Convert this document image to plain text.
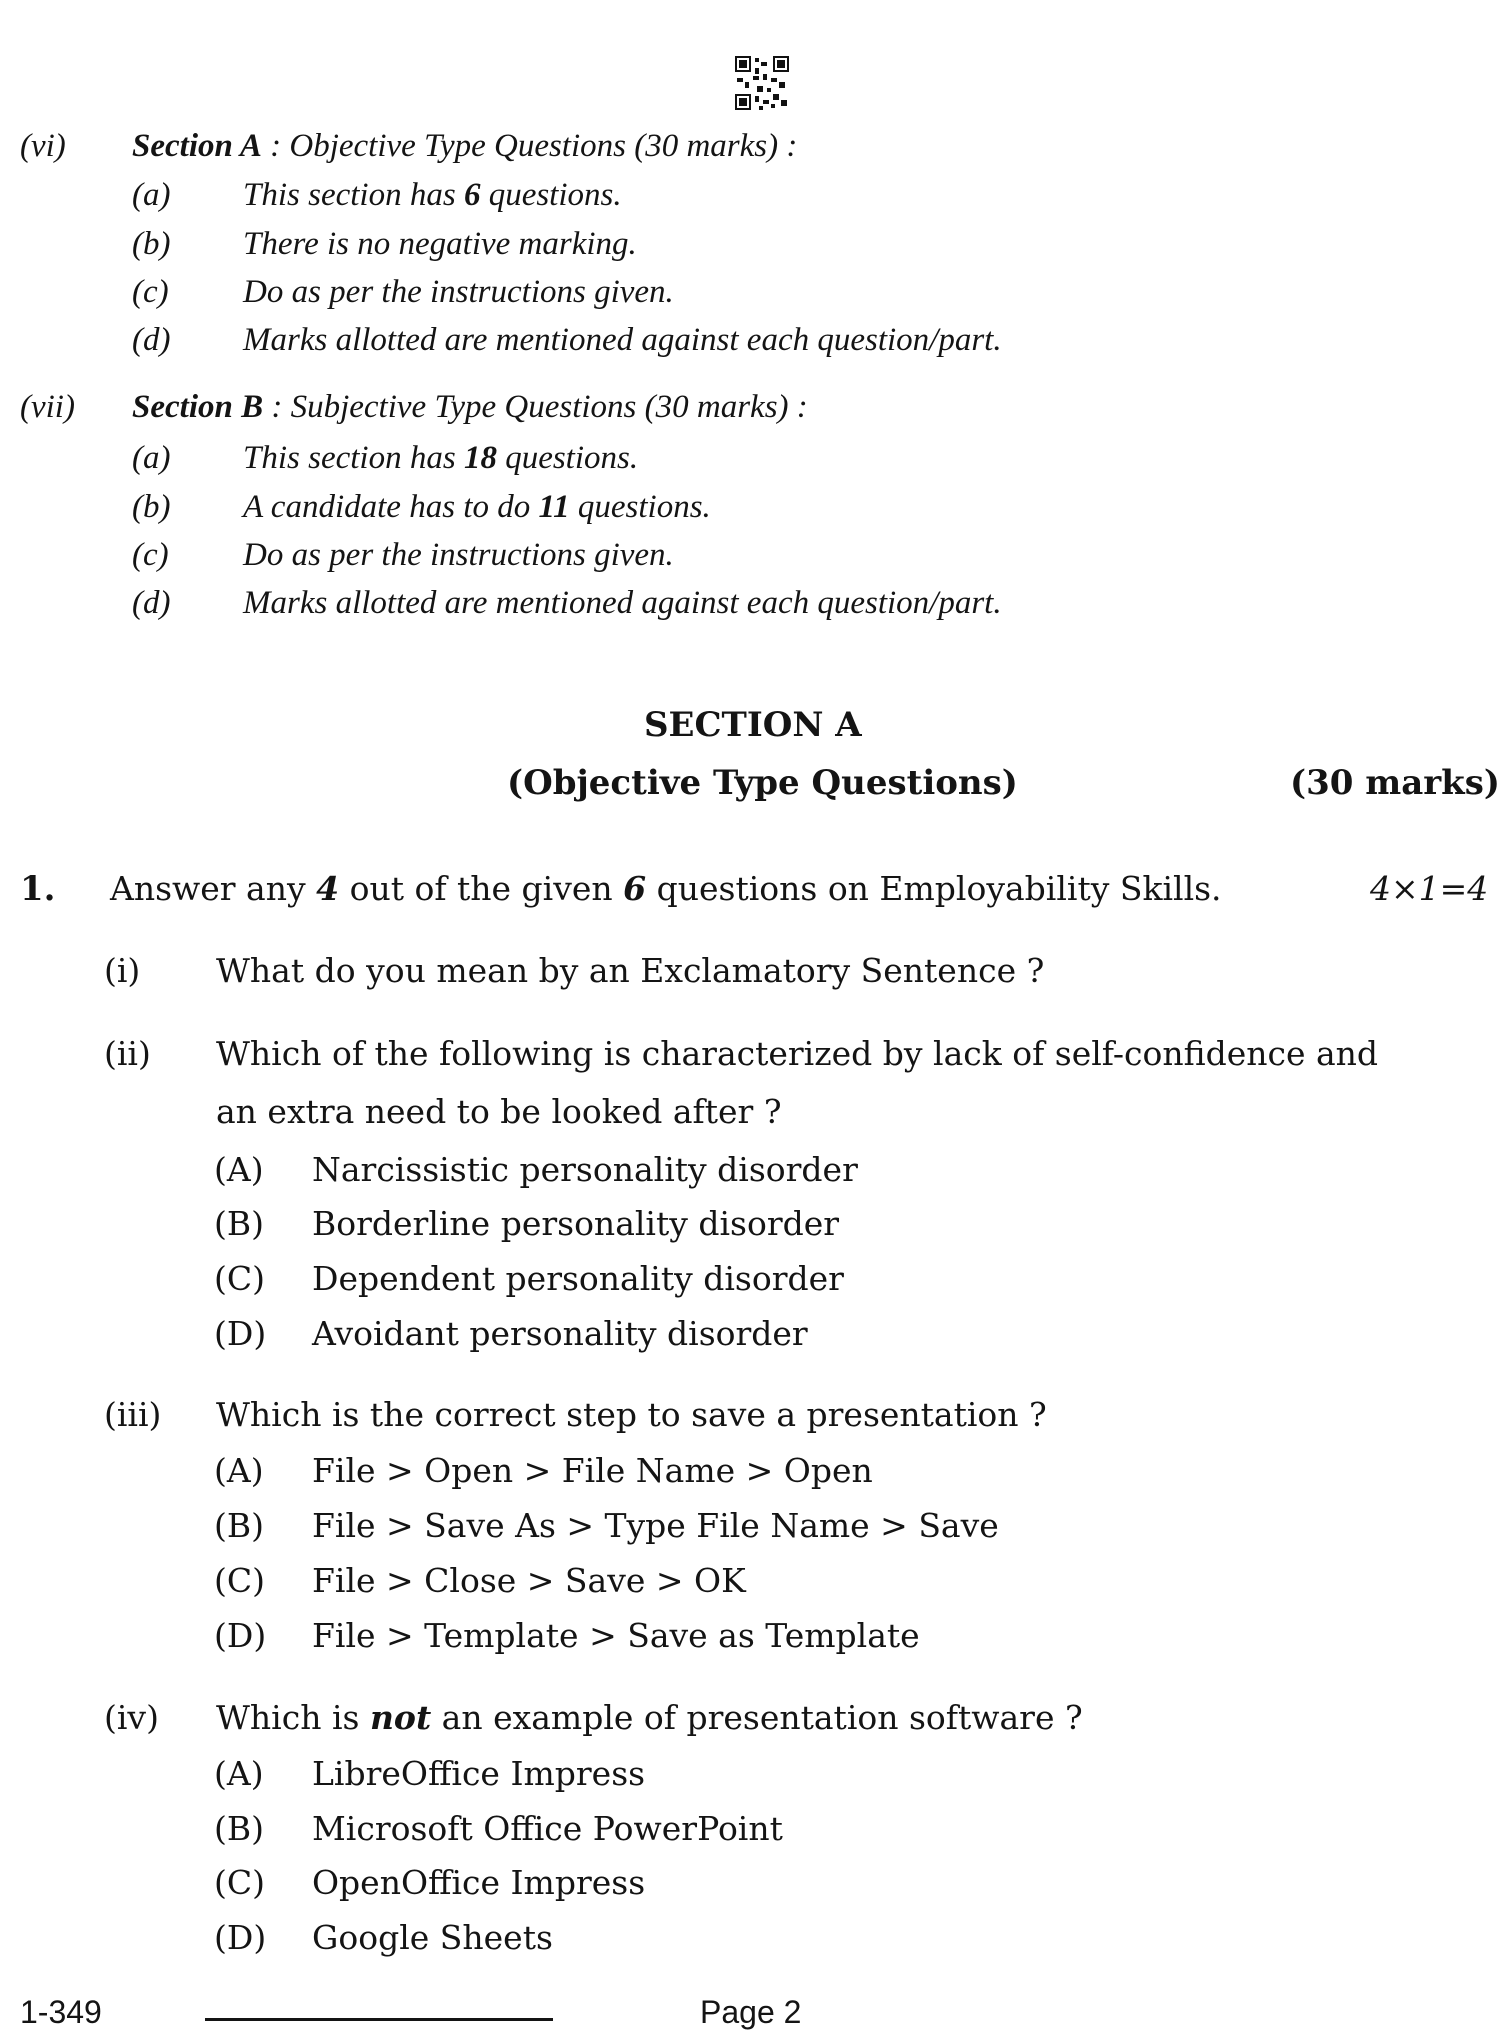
(vi) Section A : Objective Type Questions (30 marks) :
(a) This section has 6 questions.
(b) There is no negative marking.
(c) Do as per the instructions given.
(d) Marks allotted are mentioned against each question/part.
(vii) Section B : Subjective Type Questions (30 marks) :
(a) This section has 18 questions.
(b) A candidate has to do 11 questions.
(c) Do as per the instructions given.
(d) Marks allotted are mentioned against each question/part.
SECTION A
(Objective Type Questions)	(30 marks)
1. Answer any 4 out of the given 6 questions on Employability Skills.	4×1=4
(i) What do you mean by an Exclamatory Sentence ?
(ii) Which of the following is characterized by lack of self-confidence and
an extra need to be looked after ?
(A) Narcissistic personality disorder
(B) Borderline personality disorder
(C) Dependent personality disorder
(D) Avoidant personality disorder
(iii) Which is the correct step to save a presentation ?
(A) File > Open > File Name > Open
(B) File > Save As > Type File Name > Save
(C) File > Close > Save > OK
(D) File > Template > Save as Template
(iv) Which is not an example of presentation software ?
(A) LibreOffice Impress
(B) Microsoft Office PowerPoint
(C) OpenOffice Impress
(D) Google Sheets
1-349	Page 2
